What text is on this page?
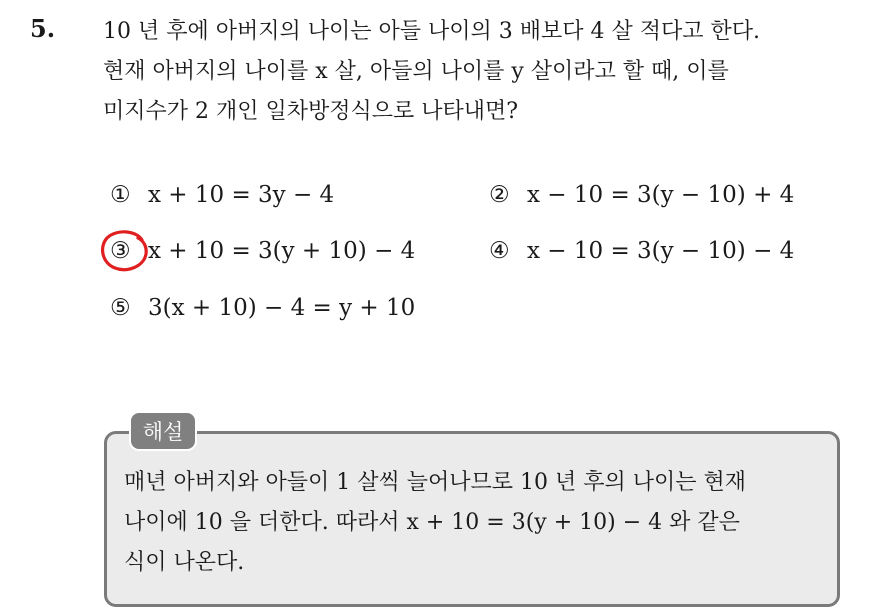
5. 10 년 후에 아버지의 나이는 아들 나이의 3 배보다 4 살 적다고 한다.
현재 아버지의 나이를 x 살, 아들의 나이를 y 살이라고 할 때, 이를
미지수가 2 개인 일차방정식으로 나타내면?
① x + 10 = 3y − 4	② x − 10 = 3(y − 10) + 4
③ x + 10 = 3(y + 10) − 4	④ x − 10 = 3(y − 10) − 4
⑤ 3(x + 10) − 4 = y + 10
해설
매년 아버지와 아들이 1 살씩 늘어나므로 10 년 후의 나이는 현재
나이에 10 을 더한다. 따라서 x + 10 = 3(y + 10) − 4 와 같은
식이 나온다.
